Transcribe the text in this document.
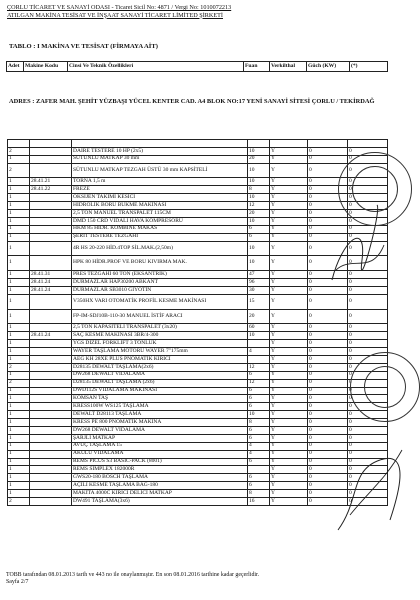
ÇORLU TİCARET VE SANAYİ ODASI - Ticaret Sicil No: 4871 / Vergi No: 1010072213
ATILGAN MAKİNA TESİSAT VE İNŞAAT SANAYİ TİCARET LİMİTED ŞİRKETİ
TABLO : I MAKİNA VE TESİSAT (FİRMAYA AİT)
Adet	Makine Kodu	Cinsi Ve Teknik Özellikleri	Fuan	Verkilthal	Güch (KW)	(*)
ADRES : ZAFER MAH. ŞEHİT YÜZBAŞI YÜCEL KENTER CAD. A4 BLOK NO:17 YENİ SANAYİ SİTESİ ÇORLU / TEKİRDAĞ

2		DAİRE TESTERE 10 HP (2x5)	10	Y	0	0
1		SÜTUNLU MATKAP 30 mm	20	Y	0	0
2		SÜTUNLU MATKAP TEZGAH ÜSTÜ 30 mm KAPSİTELİ	10	Y	0	0
1	28.41.21	TORNA 1,5 m	10	Y	0	0
1	28.41.22	FREZE	8	Y	0	0
1		OKSİJEN TAKIMI KESİCİ	10	Y	0	0
1		HİDROLİK BORU BÜKME MAKİNASI	12	Y	0	0
1		2,5 TON MANUEL TRANSPALET 115CM	20	Y	0	0
1		DMD 150 CRD VİDALI HAVA KOMPRESÖRÜ	10	Y	0	0
1		HKM 85 HİDR. KOMBİNE MAKAS	6	Y	0	0
1		ŞERİT TESTERE TEZGAHI	6	Y	0	0
1		4R HS 20-220 HİD.4TOP SİL.MAK.(2,50m)	10	Y	0	0
1		HPK 80 HİDR.PROF VE BORU KIVIRMA MAK.	10	Y	0	0
1	28.41.31	PRES TEZGAHI 60 TON (EKSANTRİK)	47	Y	0	0
1	28.41.24	DURMAZLAR HAP30200 ABKANT	96	Y	0	0
1	28.41.24	DURMAZLAR SB3010 GİYOTİN	30	Y	0	0
1		V350HX VARI OTOMATİK PROFİL KESME MAKİNASI	15	Y	0	0
1		FP-IM-SDJ10B-110-30 MANUEL İSTİF ARACI	20	Y	0	0
1		2,5 TON KAPASİTELİ TRANSPALET (3x20)	60	Y	0	0
1	28.41.24	SAÇ KESME MAKİNASI 3BR/4-300	10	Y	0	0
1		YGS DİZEL FORKLİFT 3 TONLUK		Y	0	0
1		WAYER TAŞLAMA MOTORU WAYER 7"175mm	4	Y	0	0
1		AEG KH 28XE PLUS PNÖMATİK KIRICI		Y	0	0
2		D28135 DEWALT TAŞLAMA(2x6)	12	Y	0	0
1		DW268 DEWALT VİDALAMA	6	Y	0	0
2		D28135 DEWALT TAŞLAMA (2x6)	12	Y	0	0
1		DWD112S VİDALAMA MAKİNASI	6	Y	0	0
1		KOMSAN TAŞ	6	Y	0	0
1		KRESS100W WS125 TAŞLAMA	6	Y	0	0
1		DEWALT D28113 TAŞLAMA	10	Y	0	0
1		KRESS PE 800 PNÖMATİK MAKİNA	8	Y	0	0
1		DW268 DEWALT VİDALAMA	6	Y	0	0
1		ŞARJLI MATKAP	6	Y	0	0
1		AVUÇ TAŞLAMA 15	4	Y	0	0
1		AKÜLÜ VİDALAMA	4	Y	0	0
1		REMS PİCUS S3 BASİC-PACK (8001)	6	Y	0	0
1		REMS SİMPLEX 182000R		Y	0	0
1		GWS20-180 BOSCH TAŞLAMA	6	Y	0	0
1		AÇILI KESME TAŞLAMA BAG-180	6	Y	0	0
1		MAKİTA 4000C KIRICI DELİCİ MATKAP	8	Y	0	0
2		DW491 TAŞLAMA(3x6)	16	Y	0	0
TOBB tarafından 08.01.2013 tarih ve 443 no ile onaylanmıştır. En son 08.01.2016 tarihine kadar geçerlidir.
Sayfa 2/7
